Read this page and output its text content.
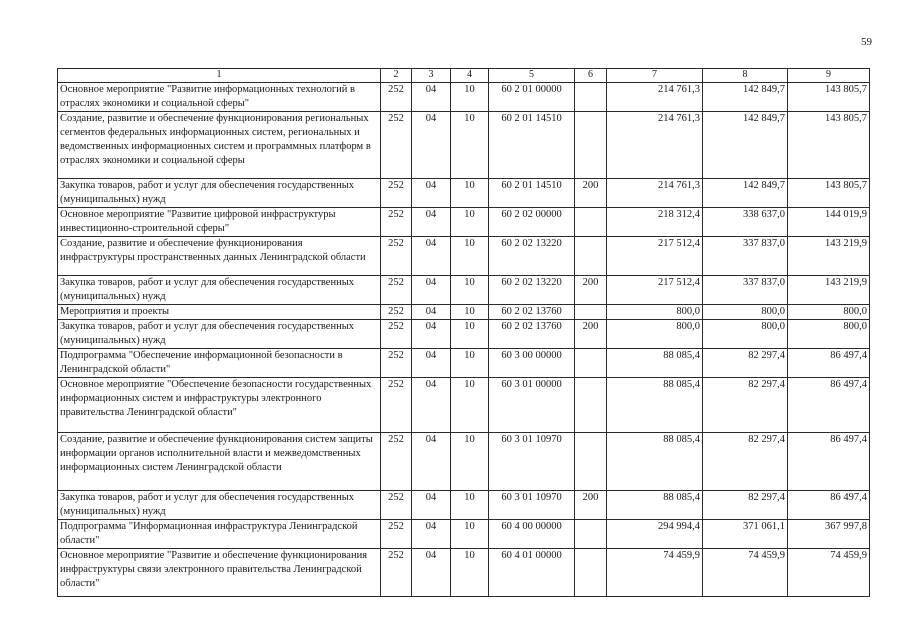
59
1	2	3	4	5	6	7	8	9
Основное мероприятие "Развитие информационных технологий в отраслях экономики и социальной сферы"	252	04	10	60 2 01 00000		214 761,3	142 849,7	143 805,7
Создание, развитие и обеспечение функционирования региональных сегментов федеральных информационных систем, региональных и ведомственных информационных систем и программных платформ в отраслях экономики и социальной сферы	252	04	10	60 2 01 14510		214 761,3	142 849,7	143 805,7
Закупка товаров, работ и услуг для обеспечения государственных (муниципальных) нужд	252	04	10	60 2 01 14510	200	214 761,3	142 849,7	143 805,7
Основное мероприятие "Развитие цифровой инфраструктуры инвестиционно-строительной сферы"	252	04	10	60 2 02 00000		218 312,4	338 637,0	144 019,9
Создание, развитие и обеспечение функционирования инфраструктуры пространственных данных Ленинградской области	252	04	10	60 2 02 13220		217 512,4	337 837,0	143 219,9
Закупка товаров, работ и услуг для обеспечения государственных (муниципальных) нужд	252	04	10	60 2 02 13220	200	217 512,4	337 837,0	143 219,9
Мероприятия и проекты	252	04	10	60 2 02 13760		800,0	800,0	800,0
Закупка товаров, работ и услуг для обеспечения государственных (муниципальных) нужд	252	04	10	60 2 02 13760	200	800,0	800,0	800,0
Подпрограмма "Обеспечение информационной безопасности в Ленинградской области"	252	04	10	60 3 00 00000		88 085,4	82 297,4	86 497,4
Основное мероприятие "Обеспечение безопасности государственных информационных систем и инфраструктуры электронного правительства Ленинградской области"	252	04	10	60 3 01 00000		88 085,4	82 297,4	86 497,4
Создание, развитие и обеспечение функционирования систем защиты информации органов исполнительной власти и межведомственных информационных систем Ленинградской области	252	04	10	60 3 01 10970		88 085,4	82 297,4	86 497,4
Закупка товаров, работ и услуг для обеспечения государственных (муниципальных) нужд	252	04	10	60 3 01 10970	200	88 085,4	82 297,4	86 497,4
Подпрограмма "Информационная инфраструктура Ленинградской области"	252	04	10	60 4 00 00000		294 994,4	371 061,1	367 997,8
Основное мероприятие "Развитие и обеспечение функционирования инфраструктуры связи электронного правительства Ленинградской области"	252	04	10	60 4 01 00000		74 459,9	74 459,9	74 459,9
